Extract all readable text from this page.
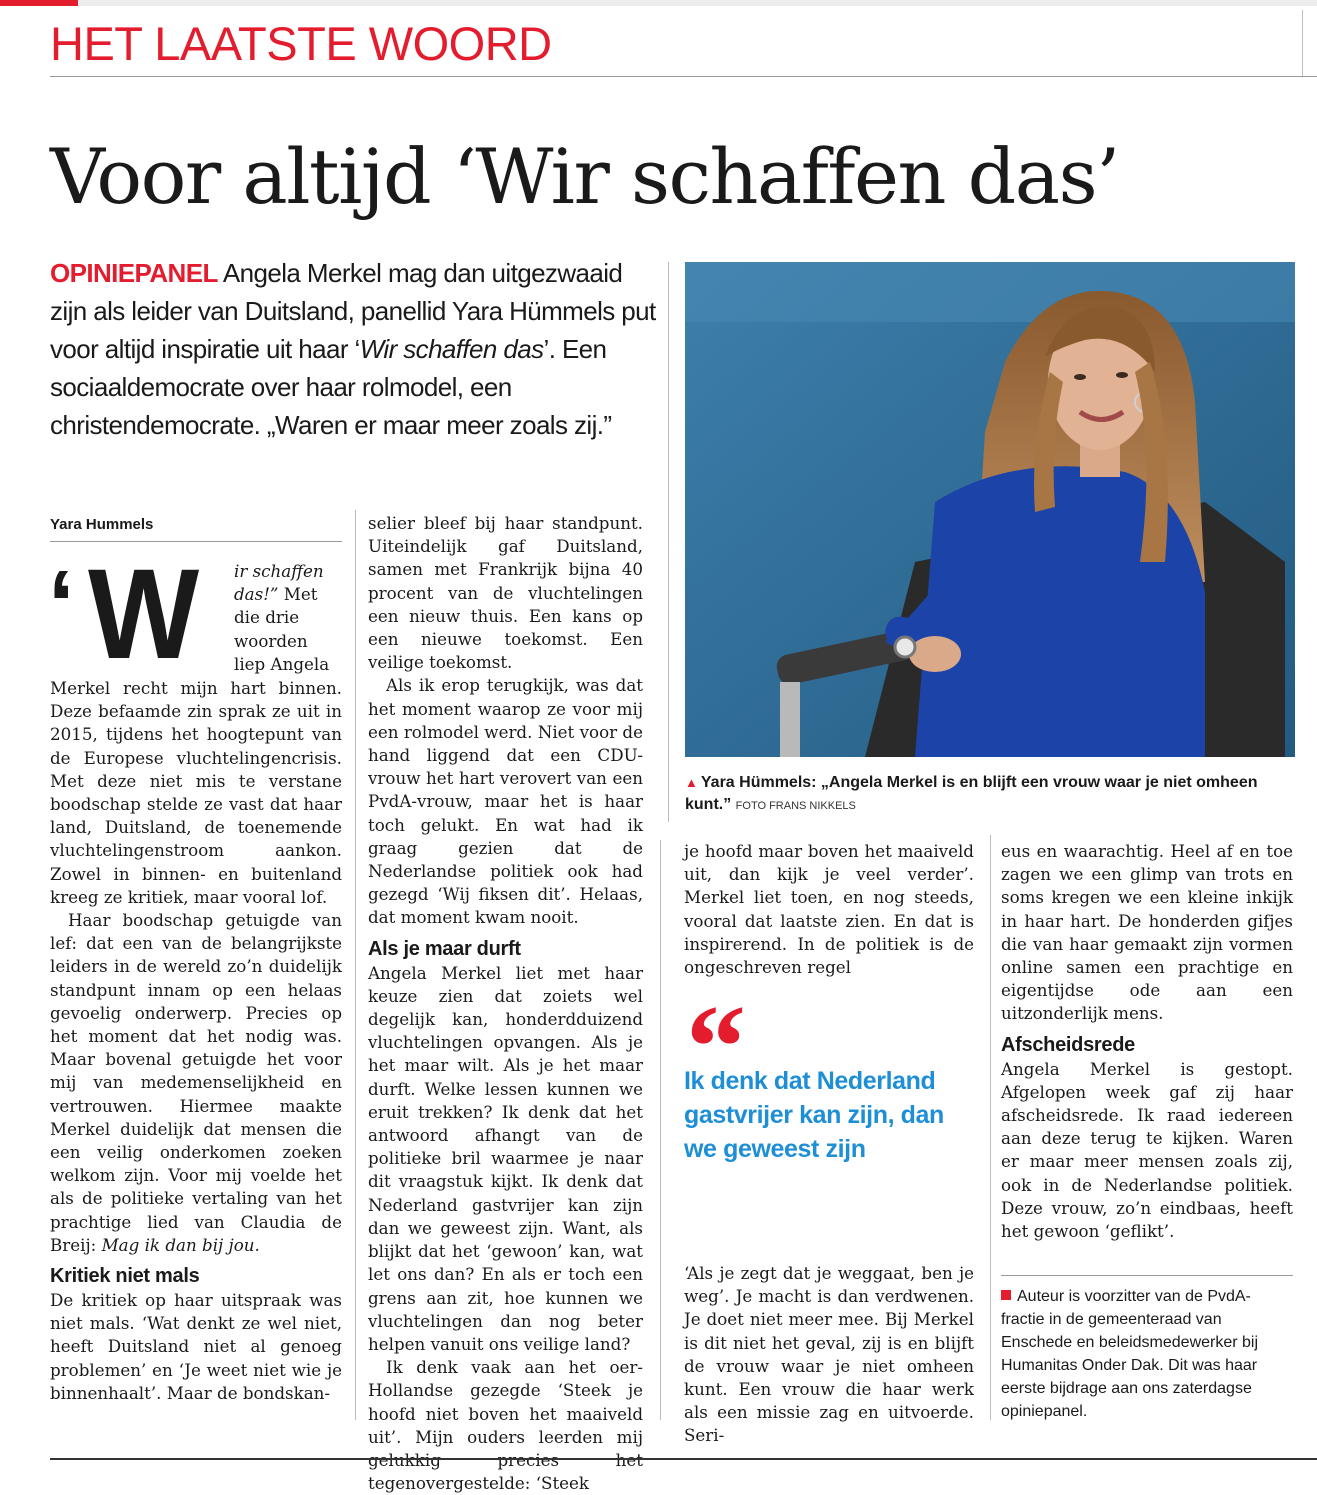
HET LAATSTE WOORD
Voor altijd ‘Wir schaffen das’
OPINIEPANEL Angela Merkel mag dan uitgezwaaid zijn als leider van Duitsland, panellid Yara Hümmels put voor altijd inspiratie uit haar ‘Wir schaffen das’. Een sociaaldemocrate over haar rolmodel, een christendemocrate. „Waren er maar meer zoals zij.”
▲ Yara Hümmels: „Angela Merkel is en blijft een vrouw waar je niet omheen kunt.” FOTO FRANS NIKKELS
Yara Hummels
‘ W ir schaffen das!” Met die drie woorden liep Angela

Merkel recht mijn hart binnen. Deze befaamde zin sprak ze uit in 2015, tijdens het hoogtepunt van de Europese vluchtelingencrisis. Met deze niet mis te verstane boodschap stelde ze vast dat haar land, Duitsland, de toenemende vluchtelingenstroom aankon. Zowel in binnen- en buitenland kreeg ze kritiek, maar vooral lof.

Haar boodschap getuigde van lef: dat een van de belangrijkste leiders in de wereld zo’n duidelijk standpunt innam op een helaas gevoelig onderwerp. Precies op het moment dat het nodig was. Maar bovenal getuigde het voor mij van medemenselijkheid en vertrouwen. Hiermee maakte Merkel duidelijk dat mensen die een veilig onderkomen zoeken welkom zijn. Voor mij voelde het als de politieke vertaling van het prachtige lied van Claudia de Breij: Mag ik dan bij jou.

Kritiek niet mals

De kritiek op haar uitspraak was niet mals. ‘Wat denkt ze wel niet, heeft Duitsland niet al genoeg problemen’ en ‘Je weet niet wie je binnenhaalt’. Maar de bondskan-

selier bleef bij haar standpunt. Uiteindelijk gaf Duitsland, samen met Frankrijk bijna 40 procent van de vluchtelingen een nieuw thuis. Een kans op een nieuwe toekomst. Een veilige toekomst.

Als ik erop terugkijk, was dat het moment waarop ze voor mij een rolmodel werd. Niet voor de hand liggend dat een CDU-vrouw het hart verovert van een PvdA-vrouw, maar het is haar toch gelukt. En wat had ik graag gezien dat de Nederlandse politiek ook had gezegd ‘Wij fiksen dit’. Helaas, dat moment kwam nooit.

Als je maar durft

Angela Merkel liet met haar keuze zien dat zoiets wel degelijk kan, honderdduizend vluchtelingen opvangen. Als je het maar wilt. Als je het maar durft. Welke lessen kunnen we eruit trekken? Ik denk dat het antwoord afhangt van de politieke bril waarmee je naar dit vraagstuk kijkt. Ik denk dat Nederland gastvrijer kan zijn dan we geweest zijn. Want, als blijkt dat het ‘gewoon’ kan, wat let ons dan? En als er toch een grens aan zit, hoe kunnen we vluchtelingen dan nog beter helpen vanuit ons veilige land?

Ik denk vaak aan het oer-Hollandse gezegde ‘Steek je hoofd niet boven het maaiveld uit’. Mijn ouders leerden mij tegenovergestelde: ‘Steek

je hoofd maar boven het maaiveld uit, dan kijk je veel verder’. Merkel liet toen, en nog steeds, vooral dat laatste zien. En dat is inspirerend. In de politiek is de ongeschreven regel

“
Ik denk dat Nederland gastvrijer kan zijn, dan we geweest zijn

‘Als je zegt dat je weggaat, ben je weg’. Je macht is dan verdwenen. Je doet niet meer mee. Bij Merkel is dit niet het geval, zij is en blijft de vrouw waar je niet omheen kunt. Een vrouw die haar werk als een missie zag en uitvoerde. Seri-

eus en waarachtig. Heel af en toe zagen we een glimp van trots en soms kregen we een kleine inkijk in haar hart. De honderden gifjes die van haar gemaakt zijn vormen online samen een prachtige en eigentijdse ode aan een uitzonderlijk mens.

Afscheidsrede

Angela Merkel is gestopt. Afgelopen week gaf zij haar afscheidsrede. Ik raad iedereen aan deze terug te kijken. Waren er maar meer mensen zoals zij, ook in de Nederlandse politiek. Deze vrouw, zo’n eindbaas, heeft het gewoon ‘geflikt’.

Auteur is voorzitter van de PvdA-fractie in de gemeenteraad van Enschede en beleidsmedewerker bij Humanitas Onder Dak. Dit was haar eerste bijdrage aan ons zaterdagse opiniepanel.
